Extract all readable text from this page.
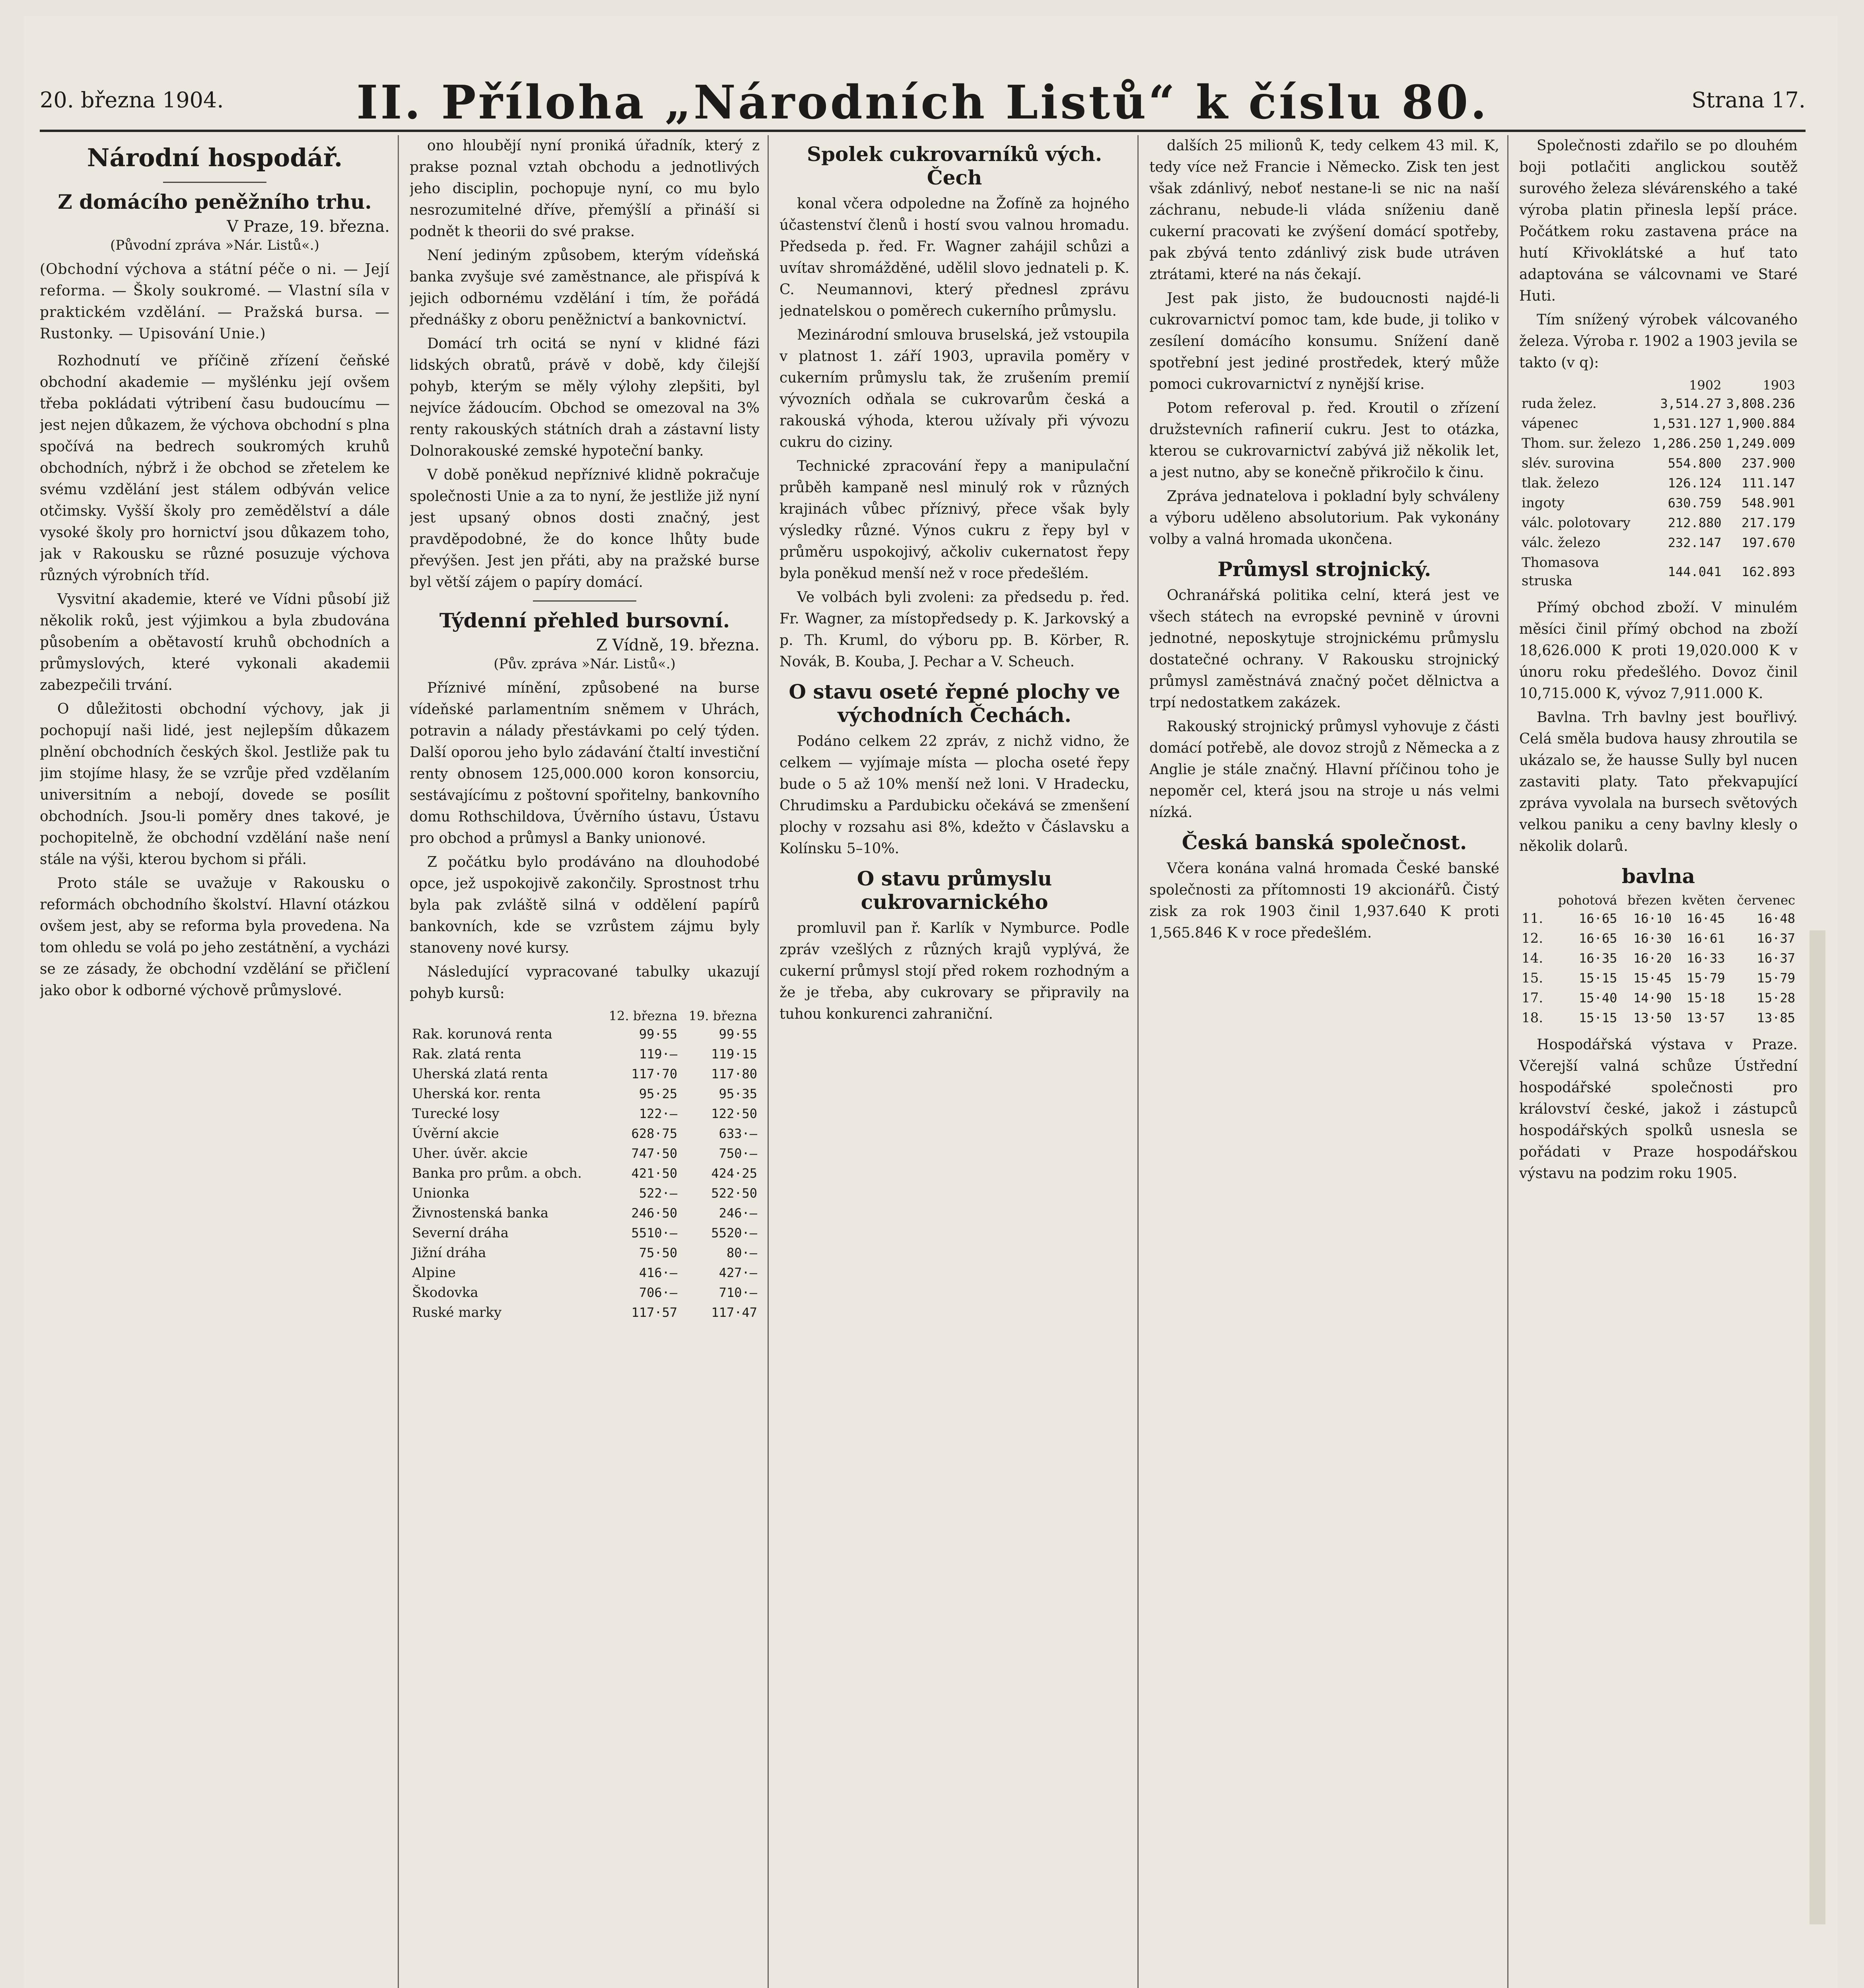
20. března 1904.	II. Příloha „Národních Listů“ k číslu 80.	Strana 17.
Národní hospodář.
Z domácího peněžního trhu.
V Praze, 19. března.
(Původní zpráva »Nár. Listů«.)
(Obchodní výchova a státní péče o ni. — Její reforma. — Školy soukromé. — Vlastní síla v praktickém vzdělání. — Pražská bursa. — Rustonky. — Upisování Unie.)

Rozhodnutí ve příčině zřízení čeňské obchodní akademie — myšlénku její ovšem třeba pokládati výtribení času budoucímu — jest nejen důkazem, že výchova obchodní s plna spočívá na bedrech soukromých kruhů obchodních, nýbrž i že obchod se zřetelem ke svému vzdělání jest stálem odbýván velice otčimsky. Vyšší školy pro zemědělství a dále vysoké školy pro hornictví jsou důkazem toho, jak v Rakousku se různé posuzuje výchova různých výrobních tříd.

Vysvitní akademie, které ve Vídni působí již několik roků, jest výjimkou a byla zbudována působením a obětavostí kruhů obchodních a průmyslových, které vykonali akademii zabezpečili trvání.

O důležitosti obchodní výchovy, jak ji pochopují naši lidé, jest nejlepším důkazem plnění obchodních českých škol. Jestliže pak tu jim stojíme hlasy, že se vzrůje před vzdělaním universitním a nebojí, dovede se posílit obchodních. Jsou-li poměry dnes takové, je pochopitelně, že obchodní vzdělání naše není stále na výši, kterou bychom si přáli.

Proto stále se uvažuje v Rakousku o reformách obchodního školství. Hlavní otázkou ovšem jest, aby se reforma byla provedena. Na tom ohledu se volá po jeho zestátnění, a vycházi se ze zásady, že obchodní vzdělání se přičlení jako obor k odborné výchově průmyslové.

ono hloubějí nyní proniká úřadník, který z prakse poznal vztah obchodu a jednotlivých jeho disciplin, pochopuje nyní, co mu bylo nesrozumitelné dříve, přemýšlí a přináší si podnět k theorii do své prakse.

Není jediným způsobem, kterým vídeňská banka zvyšuje své zaměstnance, ale přispívá k jejich odbornému vzdělání i tím, že pořádá přednášky z oboru peněžnictví a bankovnictví.

Domácí trh ocitá se nyní v klidné fázi lidských obratů, právě v době, kdy čilejší pohyb, kterým se měly výlohy zlepšiti, byl nejvíce žádoucím. Obchod se omezoval na 3% renty rakouských státních drah a zástavní listy Dolnorakouské zemské hypoteční banky.

V době poněkud nepříznivé klidně pokračuje společnosti Unie a za to nyní, že jestliže již nyní jest upsaný obnos dosti značný, jest pravděpodobné, že do konce lhůty bude převýšen. Jest jen přáti, aby na pražské burse byl větší zájem o papíry domácí.

Týdenní přehled bursovní.
Z Vídně, 19. března.
(Pův. zpráva »Nár. Listů«.)

Příznivé mínění, způsobené na burse vídeňské parlamentním sněmem v Uhrách, potravin a nálady přestávkami po celý týden. Další oporou jeho bylo zádavání čtaltí investiční renty obnosem 125,000.000 koron konsorciu, sestávajícímu z poštovní spořitelny, bankovního domu Rothschildova, Úvěrního ústavu, Ústavu pro obchod a průmysl a Banky unionové.

Z počátku bylo prodáváno na dlouhodobé opce, jež uspokojivě zakončily. Sprostnost trhu byla pak zvláště silná v oddělení papírů bankovních, kde se vzrůstem zájmu byly stanoveny nové kursy.

Následující vypracované tabulky ukazují pohyb kursů:

	12. března	19. března
Rak. korunová renta	99·55	99·55
Rak. zlatá renta	119·—	119·15
Uherská zlatá renta	117·70	117·80
Uherská kor. renta	95·25	95·35
Turecké losy	122·—	122·50
Úvěrní akcie	628·75	633·—
Uher. úvěr. akcie	747·50	750·—
Banka pro prům. a obch.	421·50	424·25
Unionka	522·—	522·50
Živnostenská banka	246·50	246·—
Severní dráha	5510·—	5520·—
Jižní dráha	75·50	80·—
Alpine	416·—	427·—
Škodovka	706·—	710·—
Ruské marky	117·57	117·47
Spolek cukrovarníků vých. Čech

konal včera odpoledne na Žofíně za hojného účastenství členů i hostí svou valnou hromadu. Předseda p. řed. Fr. Wagner zahájil schůzi a uvítav shromážděné, udělil slovo jednateli p. K. C. Neumannovi, který přednesl zprávu jednatelskou o poměrech cukerního průmyslu.

Mezinárodní smlouva bruselská, jež vstoupila v platnost 1. září 1903, upravila poměry v cukerním průmyslu tak, že zrušením premií vývozních odňala se cukrovarům česká a rakouská výhoda, kterou užívaly při vývozu cukru do ciziny.

Technické zpracování řepy a manipulační průběh kampaně nesl minulý rok v různých krajinách vůbec příznivý, přece však byly výsledky různé. Výnos cukru z řepy byl v průměru uspokojivý, ačkoliv cukernatost řepy byla poněkud menší než v roce předešlém.

Ve volbách byli zvoleni: za předsedu p. řed. Fr. Wagner, za místopředsedy p. K. Jarkovský a p. Th. Kruml, do výboru pp. B. Körber, R. Novák, B. Kouba, J. Pechar a V. Scheuch.

O stavu oseté řepné plochy ve východních Čechách.

Podáno celkem 22 zpráv, z nichž vidno, že celkem — vyjímaje místa — plocha oseté řepy bude o 5 až 10% menší než loni. V Hradecku, Chrudimsku a Pardubicku očekává se zmenšení plochy v rozsahu asi 8%, kdežto v Čáslavsku a Kolínsku 5–10%.

O stavu průmyslu cukrovarnického

promluvil pan ř. Karlík v Nymburce. Podle zpráv vzešlých z různých krajů vyplývá, že cukerní průmysl stojí před rokem rozhodným a že je třeba, aby cukrovary se připravily na tuhou konkurenci zahraniční.

dalších 25 milionů K, tedy celkem 43 mil. K, tedy více než Francie i Německo. Zisk ten jest však zdánlivý, neboť nestane-li se nic na naší záchranu, nebude-li vláda sníženiu daně cukerní pracovati ke zvýšení domácí spotřeby, pak zbývá tento zdánlivý zisk bude utráven ztrátami, které na nás čekají.

Jest pak jisto, že budoucnosti najdé-li cukrovarnictví pomoc tam, kde bude, ji toliko v zesílení domácího konsumu. Snížení daně spotřební jest jediné prostředek, který může pomoci cukrovarnictví z nynější krise.

Potom referoval p. řed. Kroutil o zřízení družstevních rafinerií cukru. Jest to otázka, kterou se cukrovarnictví zabývá již několik let, a jest nutno, aby se konečně přikročilo k činu.

Zpráva jednatelova i pokladní byly schváleny a výboru uděleno absolutorium. Pak vykonány volby a valná hromada ukončena.

Průmysl strojnický.

Ochranářská politika celní, která jest ve všech státech na evropské pevnině v úrovni jednotné, neposkytuje strojnickému průmyslu dostatečné ochrany. V Rakousku strojnický průmysl zaměstnává značný počet dělnictva a trpí nedostatkem zakázek.

Rakouský strojnický průmysl vyhovuje z části domácí potřebě, ale dovoz strojů z Německa a z Anglie je stále značný. Hlavní příčinou toho je nepoměr cel, která jsou na stroje u nás velmi nízká.

Česká banská společnost.

Včera konána valná hromada České banské společnosti za přítomnosti 19 akcionářů. Čistý zisk za rok 1903 činil 1,937.640 K proti 1,565.846 K v roce předešlém.

Společnosti zdařilo se po dlouhém boji potlačiti anglickou soutěž surového železa slévárenského a také výroba platin přinesla lepší práce. Počátkem roku zastavena práce na hutí Křivoklátské a huť tato adaptována se válcovnami ve Staré Huti.

Tím snížený výrobek válcovaného železa. Výroba r. 1902 a 1903 jevila se takto (v q):

	1902	1903
ruda želez.	3,514.27	3,808.236
vápenec	1,531.127	1,900.884
Thom. sur. železo	1,286.250	1,249.009
slév. surovina	554.800	237.900
tlak. železo	126.124	111.147
ingoty	630.759	548.901
válc. polotovary	212.880	217.179
válc. železo	232.147	197.670
Thomasova struska	144.041	162.893

Přímý obchod zboží. V minulém měsíci činil přímý obchod na zboží 18,626.000 K proti 19,020.000 K v únoru roku předešlého. Dovoz činil 10,715.000 K, vývoz 7,911.000 K.

Bavlna. Trh bavlny jest bouřlivý. Celá směla budova hausy zhroutila se ukázalo se, že hausse Sully byl nucen zastaviti platy. Tato překvapující zpráva vyvolala na bursech světových velkou paniku a ceny bavlny klesly o několik dolarů.

bavlna
	pohotová	březen	květen	červenec
11.	16·65	16·10	16·45	16·48
12.	16·65	16·30	16·61	16·37
14.	16·35	16·20	16·33	16·37
15.	15·15	15·45	15·79	15·79
17.	15·40	14·90	15·18	15·28
18.	15·15	13·50	13·57	13·85

Hospodářská výstava v Praze. Včerejší valná schůze Ústřední hospodářské společnosti pro království české, jakož i zástupců hospodářských spolků usnesla se pořádati v Praze hospodářskou výstavu na podzim roku 1905.
